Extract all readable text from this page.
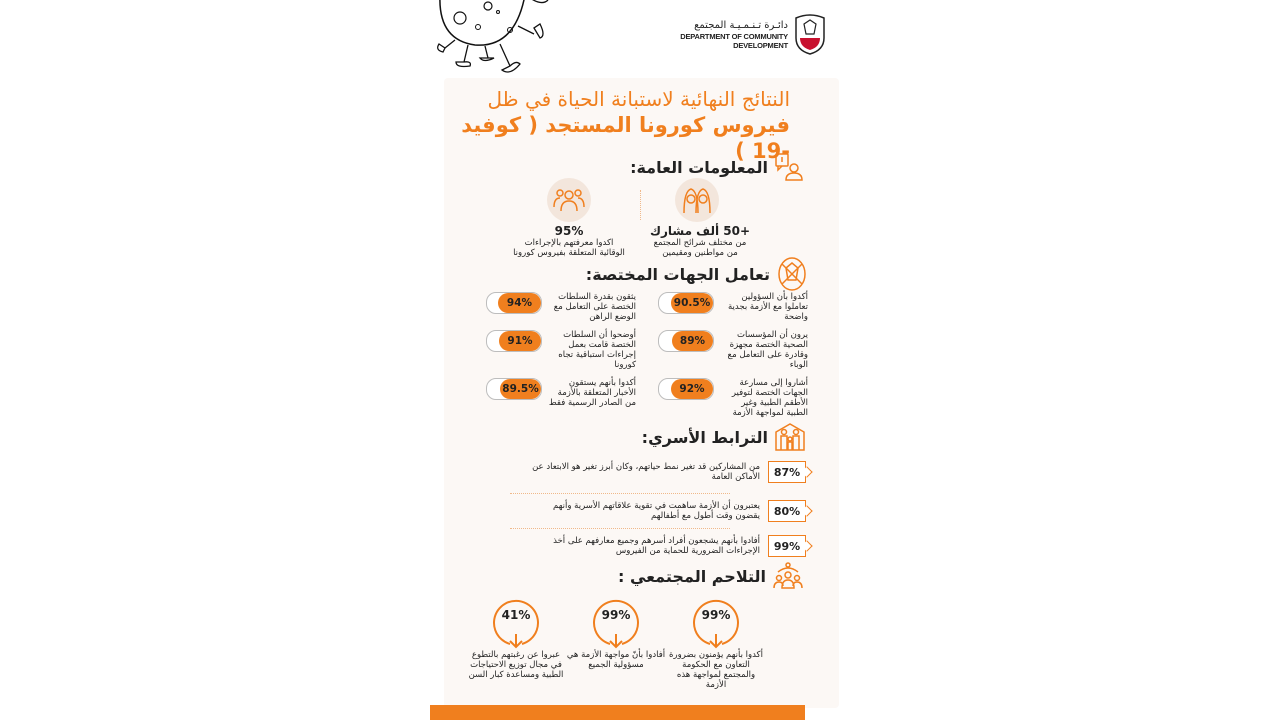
دائـرة تـنـمـيـة المجتمع
DEPARTMENT OF COMMUNITY
DEVELOPMENT
النتائج النهائية لاستبانة الحياة في ظل
فيروس كورونا المستجد ( كوفيد -19 )
المعلومات العامة:
+50 ألف مشارك
من مختلف شرائح المجتمع
من مواطنين ومقيمين
95%
اكدوا معرفتهم بالإجراءات
الوقائية المتعلقة بفيروس كورونا
تعامل الجهات المختصة:
أكدوا بأن السؤولين تعاملوا مع الأزمة بجدية واضحة
90.5%
يثقون بقدرة السلطات الختصة على التعامل مع الوضع الراهن
94%
يرون أن المؤسسات الصحية الختصة مجهزة وقادرة على التعامل مع الوباء
89%
أوضحوا أن السلطات الختصة قامت بعمل إجراءات استباقية تجاه كورونا
91%
أشاروا إلى مسارعة الجهات الختصة لتوفير الأطقم الطبية وغير الطبية لمواجهة الأزمة
92%
أكدوا بأنهم يستقون الأخبار المتعلقة بالأزمة من الصادر الرسمية فقط
89.5%
الترابط الأسري:
87%
من المشاركين قد تغير نمط حياتهم، وكان أبرز تغير هو الابتعاد عن الأماكن العامة
80%
يعتبرون أن الأزمة ساهمت في تقوية علاقاتهم الأسرية وأنهم يقضون وقت أطول مع أطفالهم
99%
أفادوا بأنهم يشجعون أفراد أسرهم وجميع معارفهم على أخذ الإجراءات الضرورية للحماية من الفيروس
التلاحم المجتمعي :
99%
أكدوا بأنهم يؤمنون بضرورة التعاون مع الحكومة والمجتمع لمواجهة هذه الأزمة
99%
أفادوا بأنّ مواجهة الأزمة هي مسؤولية الجميع
41%
عبروا عن رغبتهم بالتطوع في مجال توزيع الاحتياجات الطبية ومساعدة كبار السن
